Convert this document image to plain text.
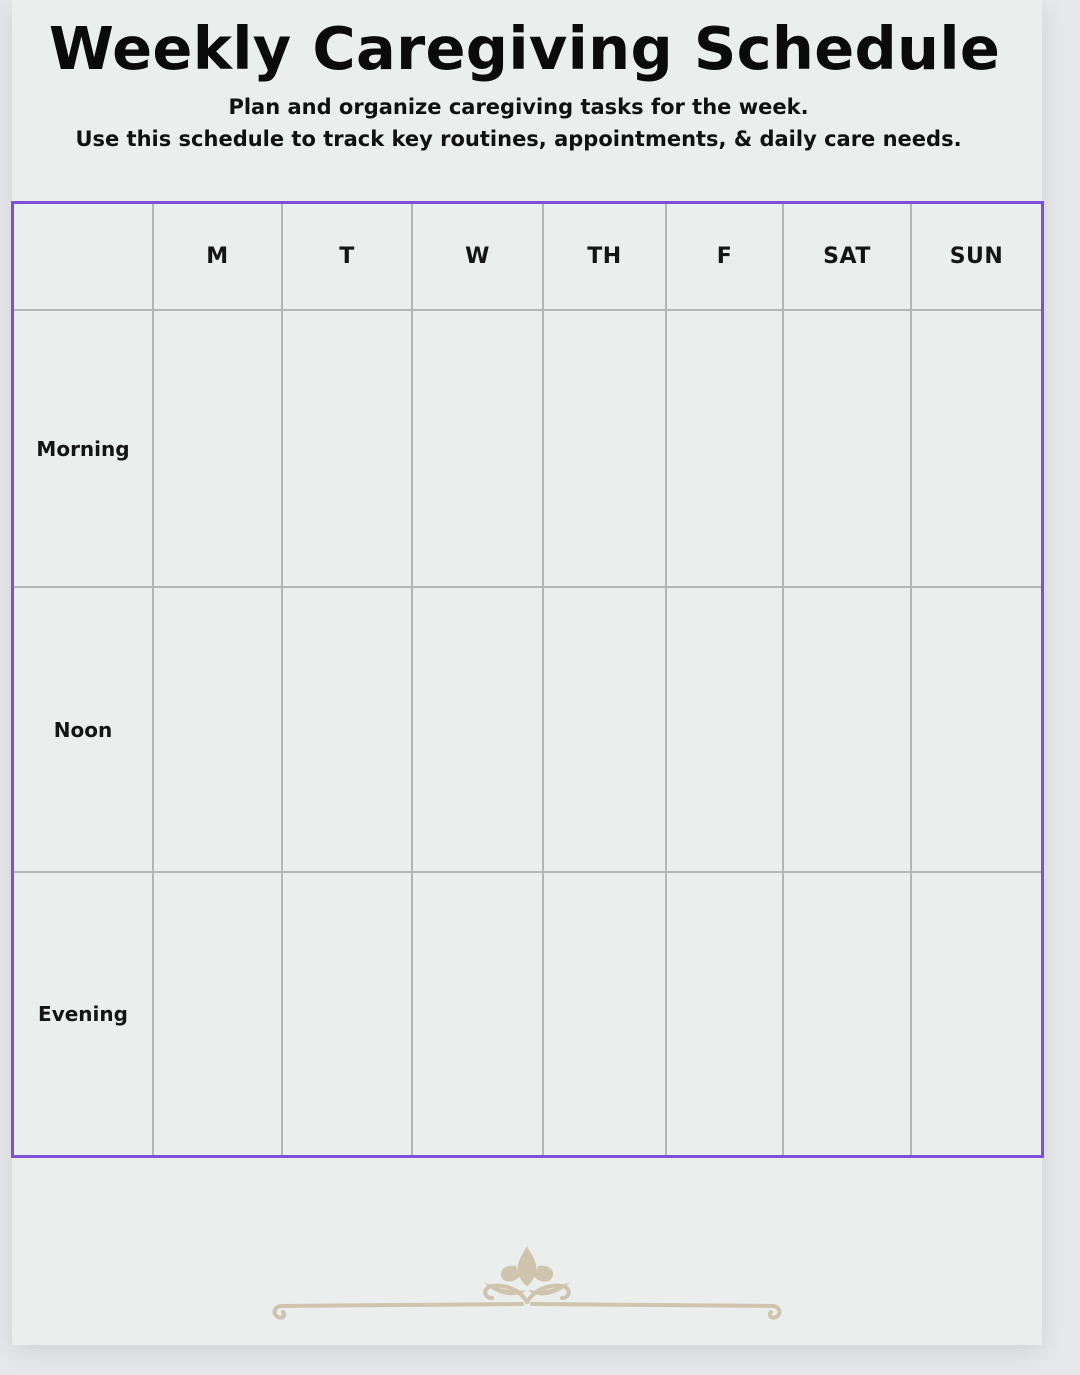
Weekly Caregiving Schedule

Plan and organize caregiving tasks for the week.

Use this schedule to track key routines, appointments, & daily care needs.

M	T	W	TH	F	SAT	SUN
Morning
Noon
Evening
